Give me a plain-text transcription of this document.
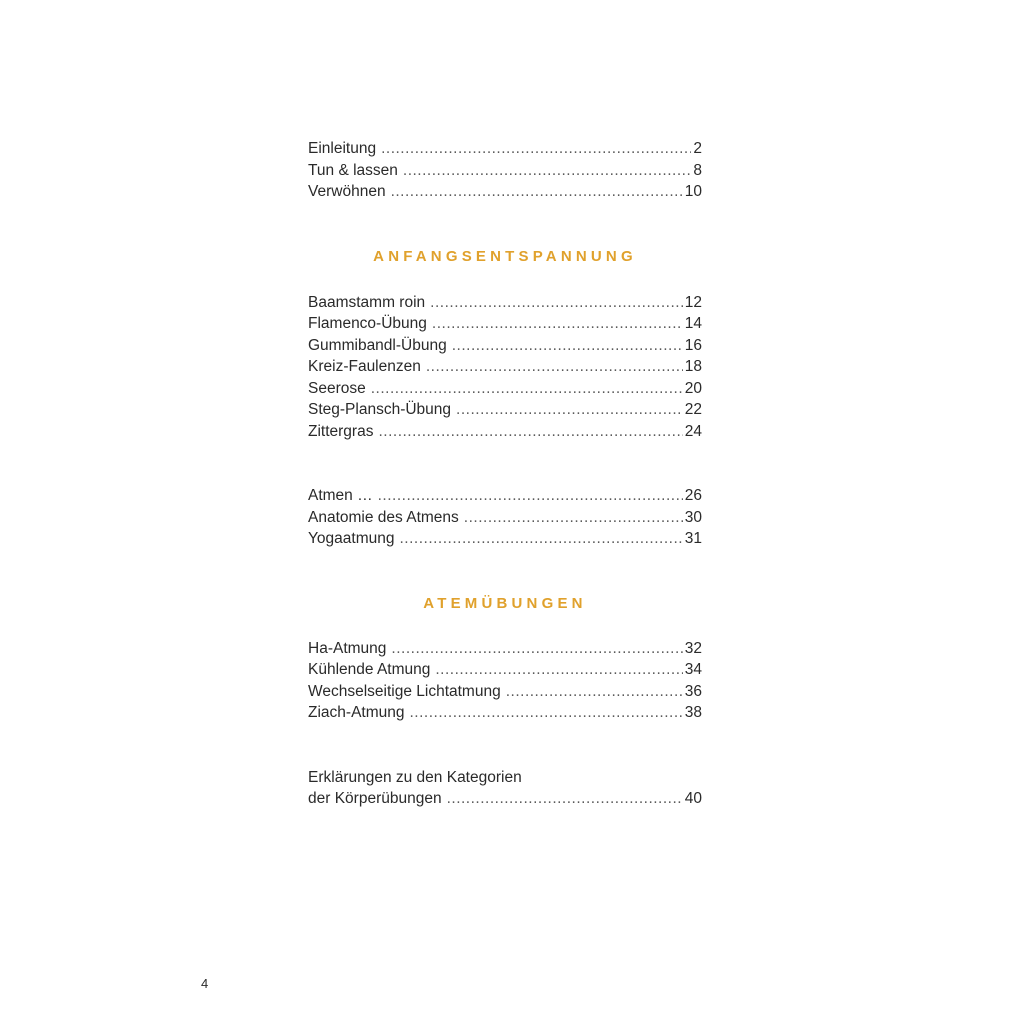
Einleitung .....	2
Tun & lassen .....	8
Verwöhnen .....	10
ANFANGSENTSPANNUNG
Baamstamm roin .....	12
Flamenco-Übung .....	14
Gummibandl-Übung .....	16
Kreiz-Faulenzen .....	18
Seerose .....	20
Steg-Plansch-Übung .....	22
Zittergras .....	24
Atmen … .....	26
Anatomie des Atmens .....	30
Yogaatmung .....	31
ATEMÜBUNGEN
Ha-Atmung .....	32
Kühlende Atmung .....	34
Wechselseitige Lichtatmung .....	36
Ziach-Atmung .....	38
Erklärungen zu den Kategorien
der Körperübungen .....	40
4
